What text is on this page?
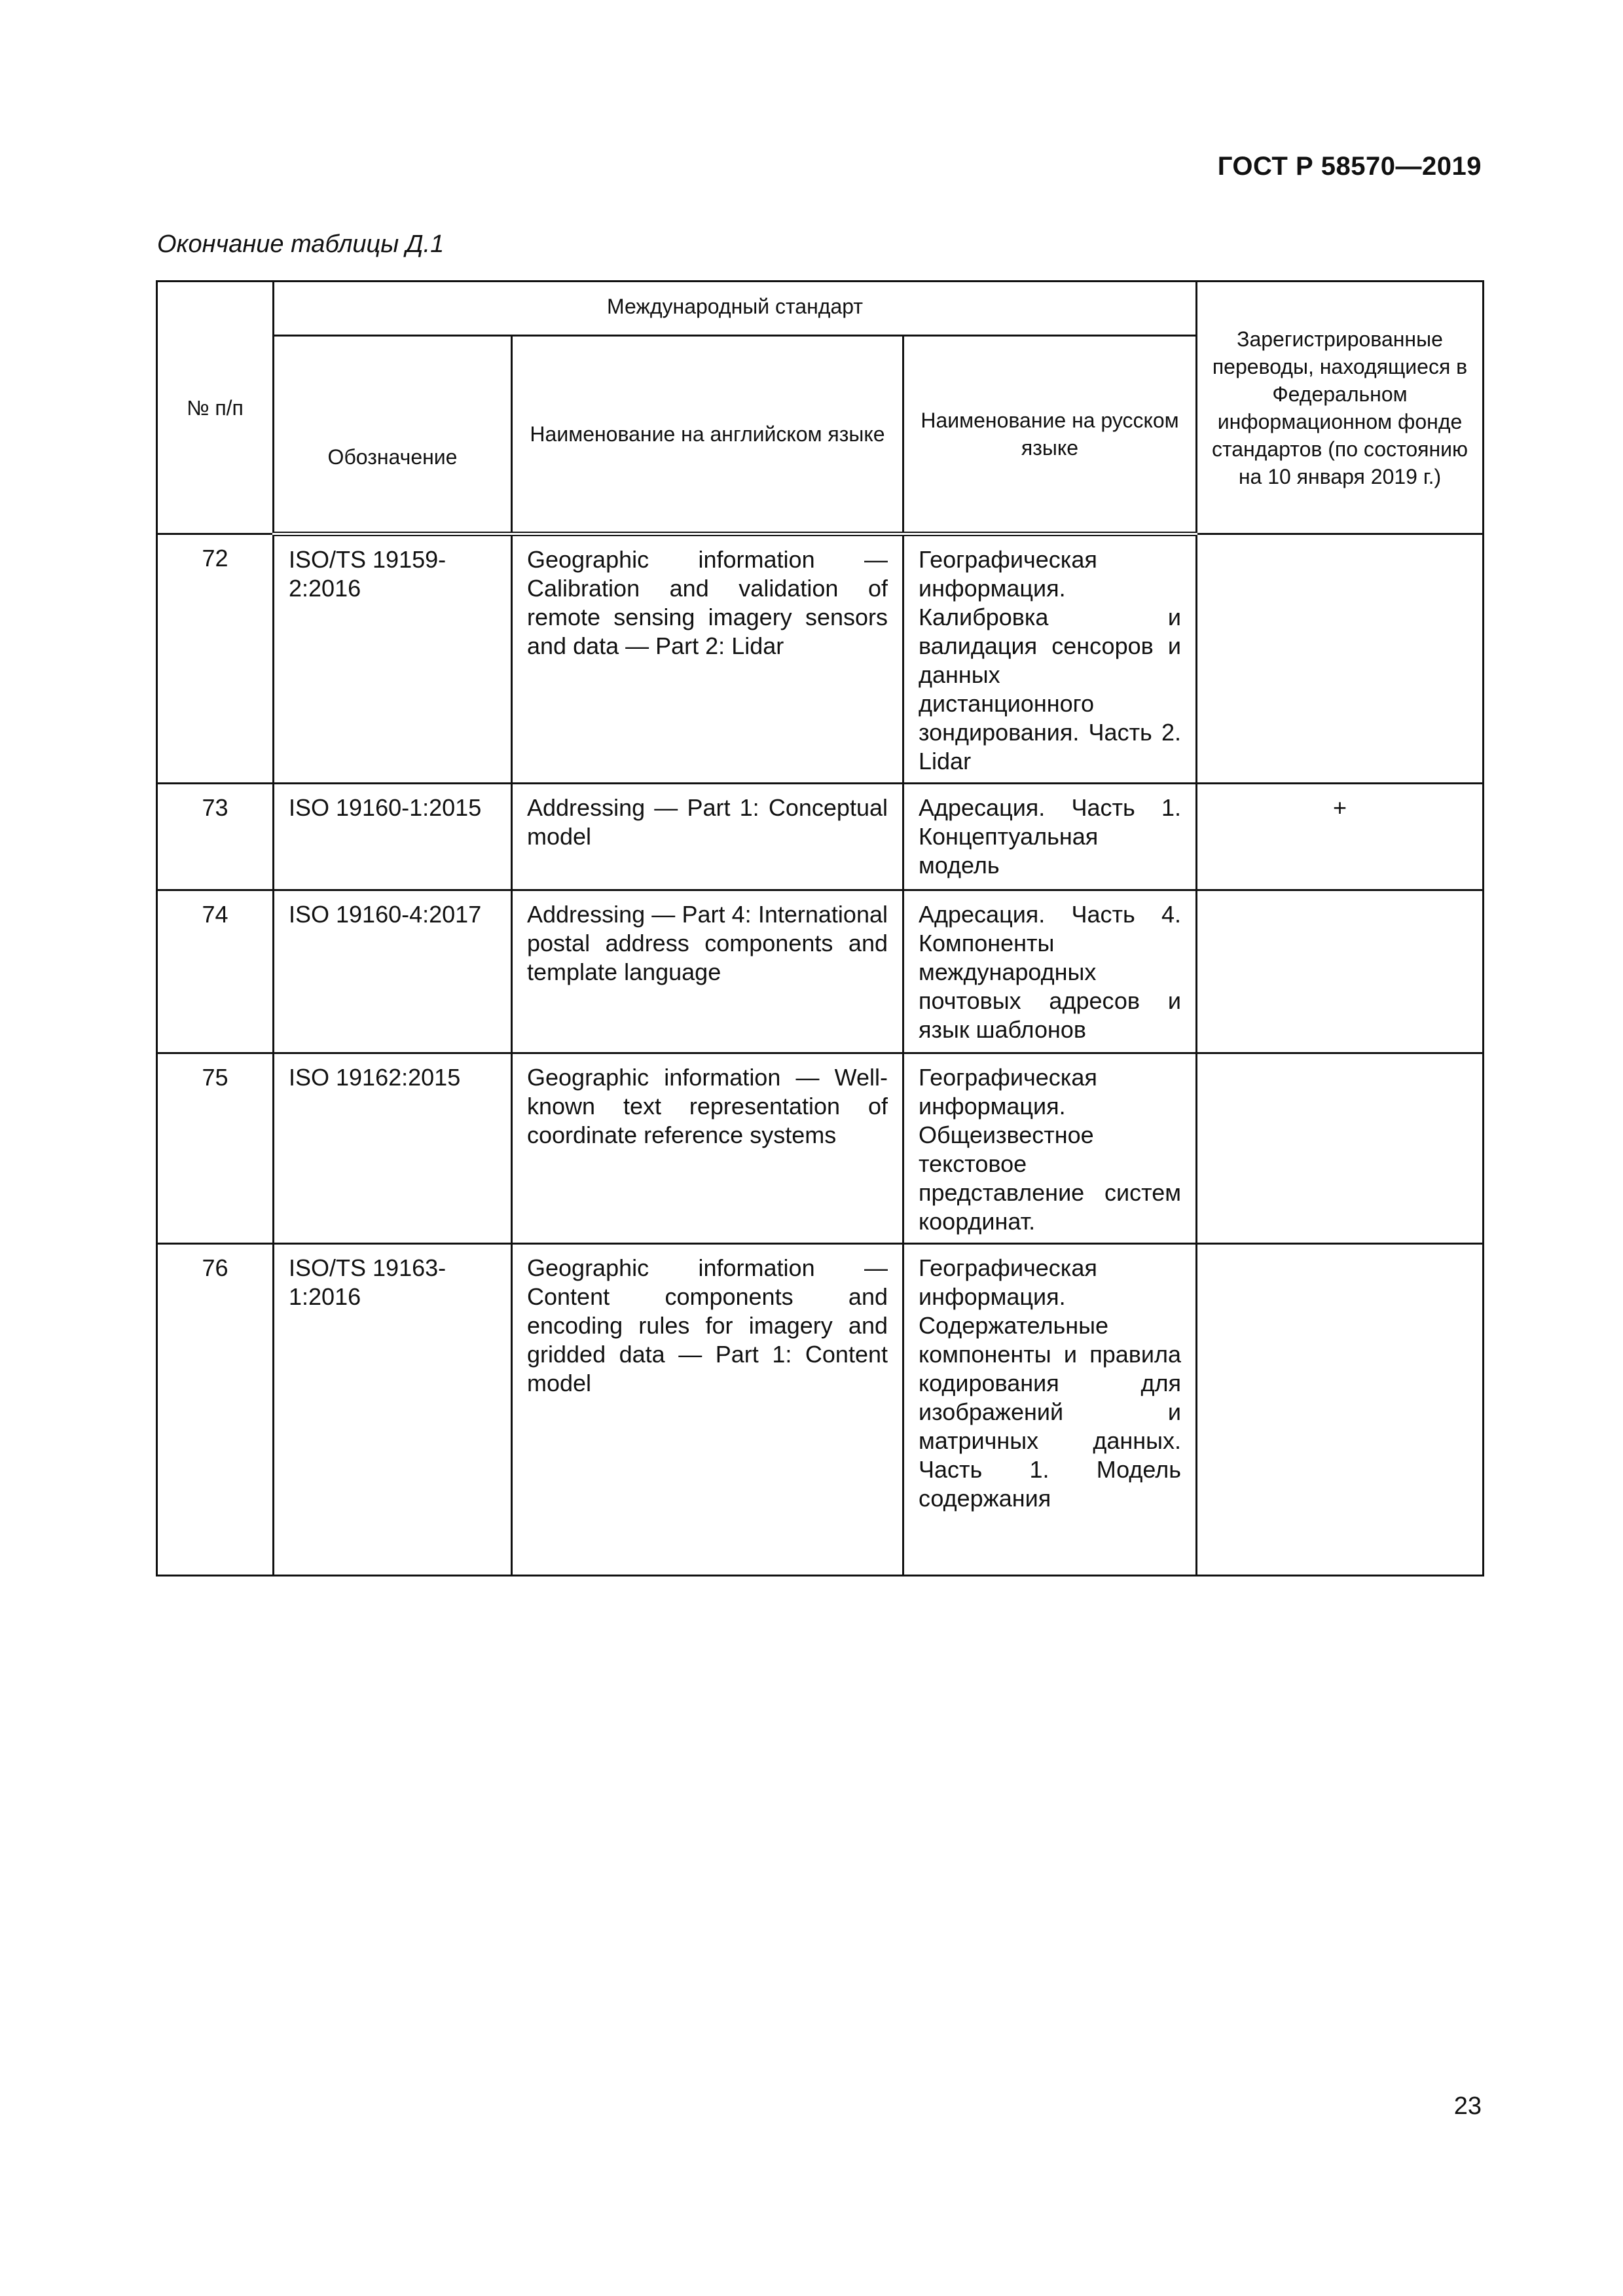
ГОСТ Р 58570—2019
Окончание таблицы Д.1
№ п/п	Международный стандарт			Зарегистрированные переводы, находящиеся в Федеральном информационном фонде стандартов (по состоянию на 10 января 2019 г.)
	Обозначение	Наименование на английском языке	Наименование на русском языке	
72	ISO/TS 19159-2:2016	Geographic information — Calibration and validation of remote sensing imagery sensors and data — Part 2: Lidar	Географическая информация. Калибровка и валидация сенсоров и данных дистанционного зондирования. Часть 2. Lidar	
73	ISO 19160-1:2015	Addressing — Part 1: Conceptual model	Адресация. Часть 1. Концептуальная модель	+
74	ISO 19160-4:2017	Addressing — Part 4: International postal address components and template language	Адресация. Часть 4. Компоненты международных почтовых адресов и язык шаблонов	
75	ISO 19162:2015	Geographic information — Well-known text representation of coordinate reference systems	Географическая информация. Общеизвестное текстовое представление систем координат.	
76	ISO/TS 19163-1:2016	Geographic information — Content components and encoding rules for imagery and gridded data — Part 1: Content model	Географическая информация. Содержательные компоненты и правила кодирования для изображений и матричных данных. Часть 1. Модель содержания	
23
